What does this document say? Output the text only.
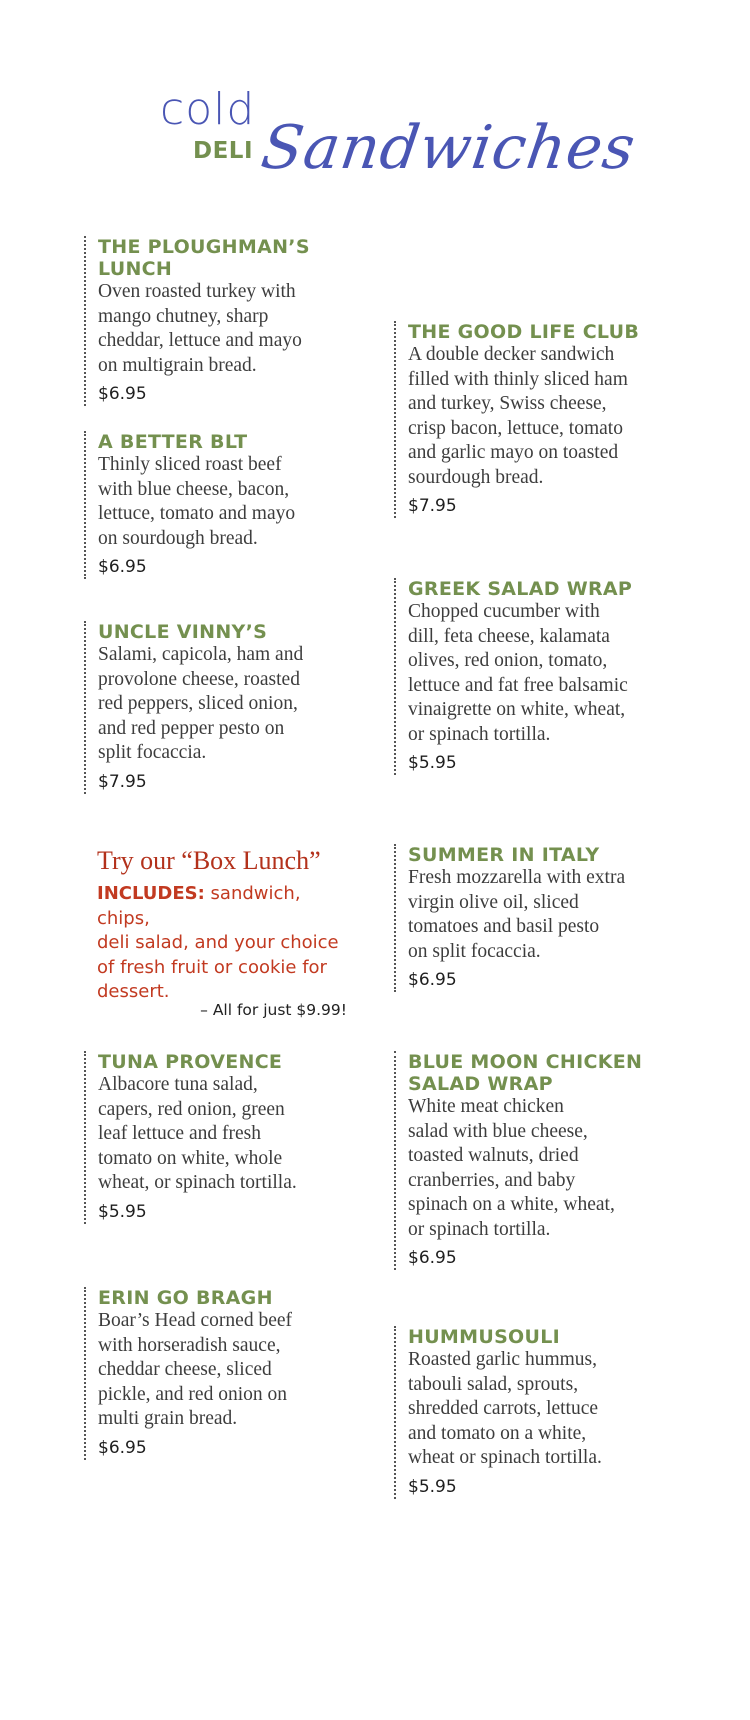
cold
DELI Sandwiches
THE PLOUGHMAN’S LUNCH
Oven roasted turkey with
mango chutney, sharp
cheddar, lettuce and mayo
on multigrain bread.
$6.95
A BETTER BLT
Thinly sliced roast beef
with blue cheese, bacon,
lettuce, tomato and mayo
on sourdough bread.
$6.95
UNCLE VINNY’S
Salami, capicola, ham and
provolone cheese, roasted
red peppers, sliced onion,
and red pepper pesto on
split focaccia.
$7.95
Try our “Box Lunch”
INCLUDES: sandwich, chips,
deli salad, and your choice
of fresh fruit or cookie for
dessert.
– All for just $9.99!
TUNA PROVENCE
Albacore tuna salad,
capers, red onion, green
leaf lettuce and fresh
tomato on white, whole
wheat, or spinach tortilla.
$5.95
ERIN GO BRAGH
Boar’s Head corned beef
with horseradish sauce,
cheddar cheese, sliced
pickle, and red onion on
multi grain bread.
$6.95
THE GOOD LIFE CLUB
A double decker sandwich
filled with thinly sliced ham
and turkey, Swiss cheese,
crisp bacon, lettuce, tomato
and garlic mayo on toasted
sourdough bread.
$7.95
GREEK SALAD WRAP
Chopped cucumber with
dill, feta cheese, kalamata
olives, red onion, tomato,
lettuce and fat free balsamic
vinaigrette on white, wheat,
or spinach tortilla.
$5.95
SUMMER IN ITALY
Fresh mozzarella with extra
virgin olive oil, sliced
tomatoes and basil pesto
on split focaccia.
$6.95
BLUE MOON CHICKEN
SALAD WRAP
White meat chicken
salad with blue cheese,
toasted walnuts, dried
cranberries, and baby
spinach on a white, wheat,
or spinach tortilla.
$6.95
HUMMUSOULI
Roasted garlic hummus,
tabouli salad, sprouts,
shredded carrots, lettuce
and tomato on a white,
wheat or spinach tortilla.
$5.95
